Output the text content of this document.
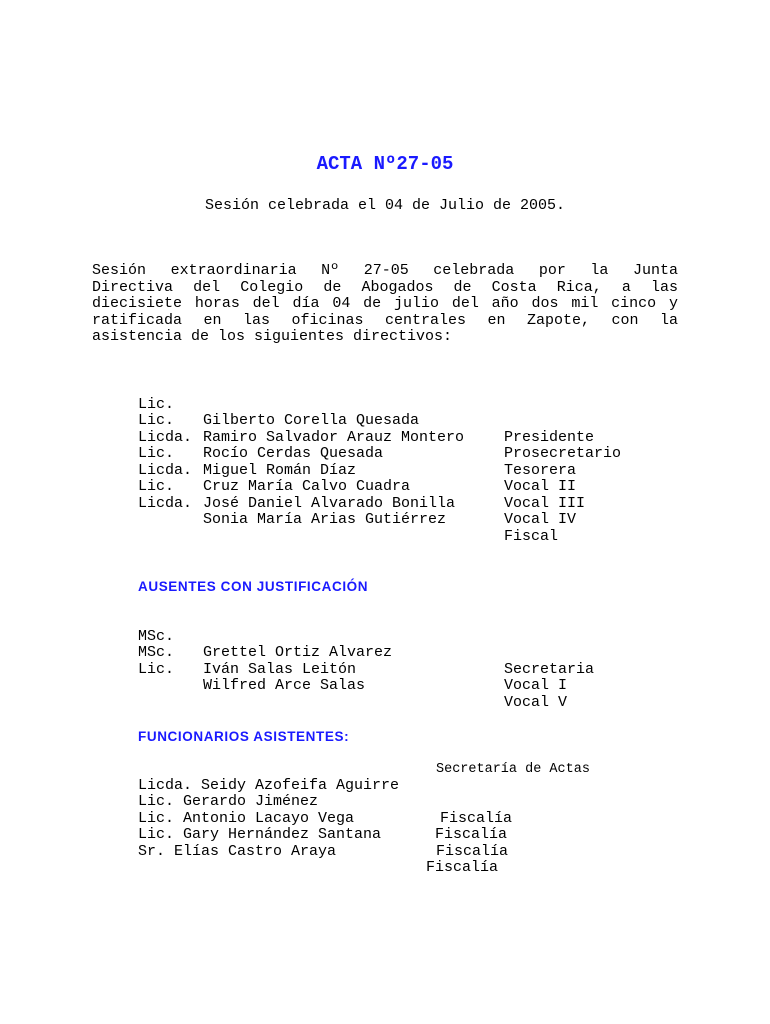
ACTA Nº27-05
Sesión celebrada el 04 de Julio de 2005.
Sesión extraordinaria Nº 27-05 celebrada por la Junta
Directiva del Colegio de Abogados de Costa Rica, a las
diecisiete horas del día 04 de julio del año dos mil cinco y
ratificada en las oficinas centrales en Zapote, con la
asistencia de los siguientes directivos:

Lic.

Gilberto Corella Quesada

Presidente

Lic.

Ramiro Salvador Arauz Montero

Prosecretario

Licda.

Rocío Cerdas Quesada

Tesorera

Lic.

Miguel Román Díaz

Vocal II

Licda.

Cruz María Calvo Cuadra

Vocal III

Lic.

José Daniel Alvarado Bonilla

Vocal IV

Licda.

Sonia María Arias Gutiérrez

Fiscal

AUSENTES CON JUSTIFICACIÓN

MSc.

Grettel Ortiz Alvarez

Secretaria

MSc.

Iván Salas Leitón

Vocal I

Lic.

Wilfred Arce Salas

Vocal V

FUNCIONARIOS ASISTENTES:

Licda. Seidy Azofeifa Aguirre

Secretaría de Actas

Lic. Gerardo Jiménez

Fiscalía

Lic. Antonio Lacayo Vega

Fiscalía

Lic. Gary Hernández Santana

Fiscalía

Sr. Elías Castro Araya

Fiscalía
